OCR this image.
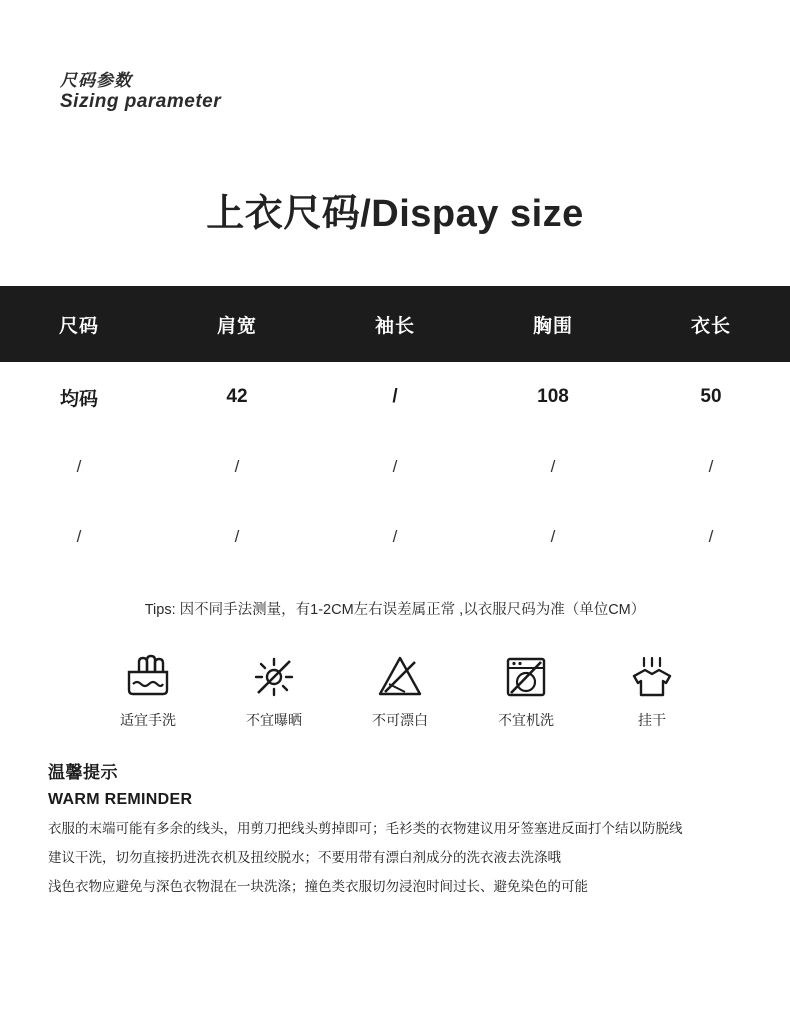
尺码参数
Sizing parameter
上衣尺码/Dispay size
尺码	肩宽	袖长	胸围	衣长
均码	42	/	108	50
/	/	/	/	/
/	/	/	/	/
Tips: 因不同手法测量，有1-2CM左右误差属正常 ,以衣服尺码为准（单位CM）
适宜手洗	不宜曝晒	不可漂白	不宜机洗	挂干
温馨提示
WARM REMINDER
衣服的末端可能有多余的线头，用剪刀把线头剪掉即可；毛衫类的衣物建议用牙签塞进反面打个结以防脱线
建议干洗，切勿直接扔进洗衣机及扭绞脱水；不要用带有漂白剂成分的洗衣液去洗涤哦
浅色衣物应避免与深色衣物混在一块洗涤；撞色类衣服切勿浸泡时间过长、避免染色的可能
